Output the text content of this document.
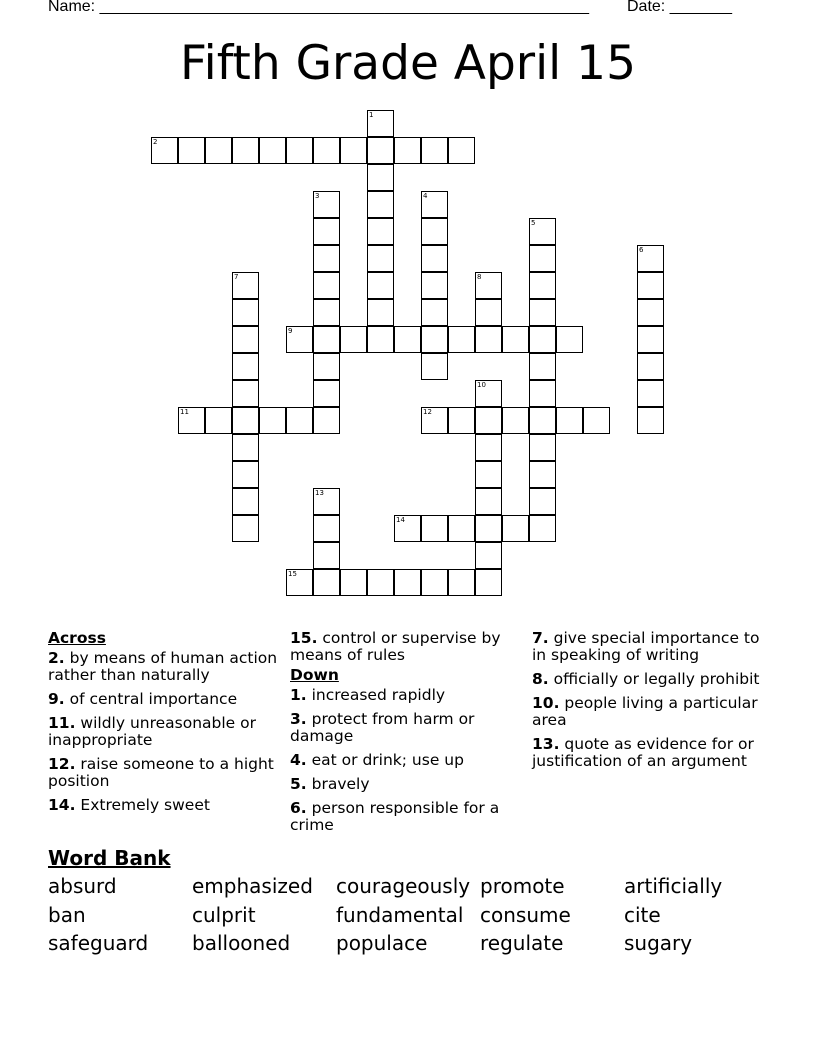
Name: _______________________________________________________ Date: _______
Fifth Grade April 15
1
2
3	4
5
6
7	8
9
10
11	12
13
14
15
Across
2. by means of human action rather than naturally
9. of central importance
11. wildly unreasonable or inappropriate
12. raise someone to a hight position
14. Extremely sweet
15. control or supervise by means of rules
Down
1. increased rapidly
3. protect from harm or damage
4. eat or drink; use up
5. bravely
6. person responsible for a crime
7. give special importance to in speaking of writing
8. officially or legally prohibit
10. people living a particular area
13. quote as evidence for or justification of an argument
Word Bank
absurd	emphasized courageously promote	artificially
ban	culprit	fundamental consume	cite
safeguard ballooned populace	regulate	sugary
